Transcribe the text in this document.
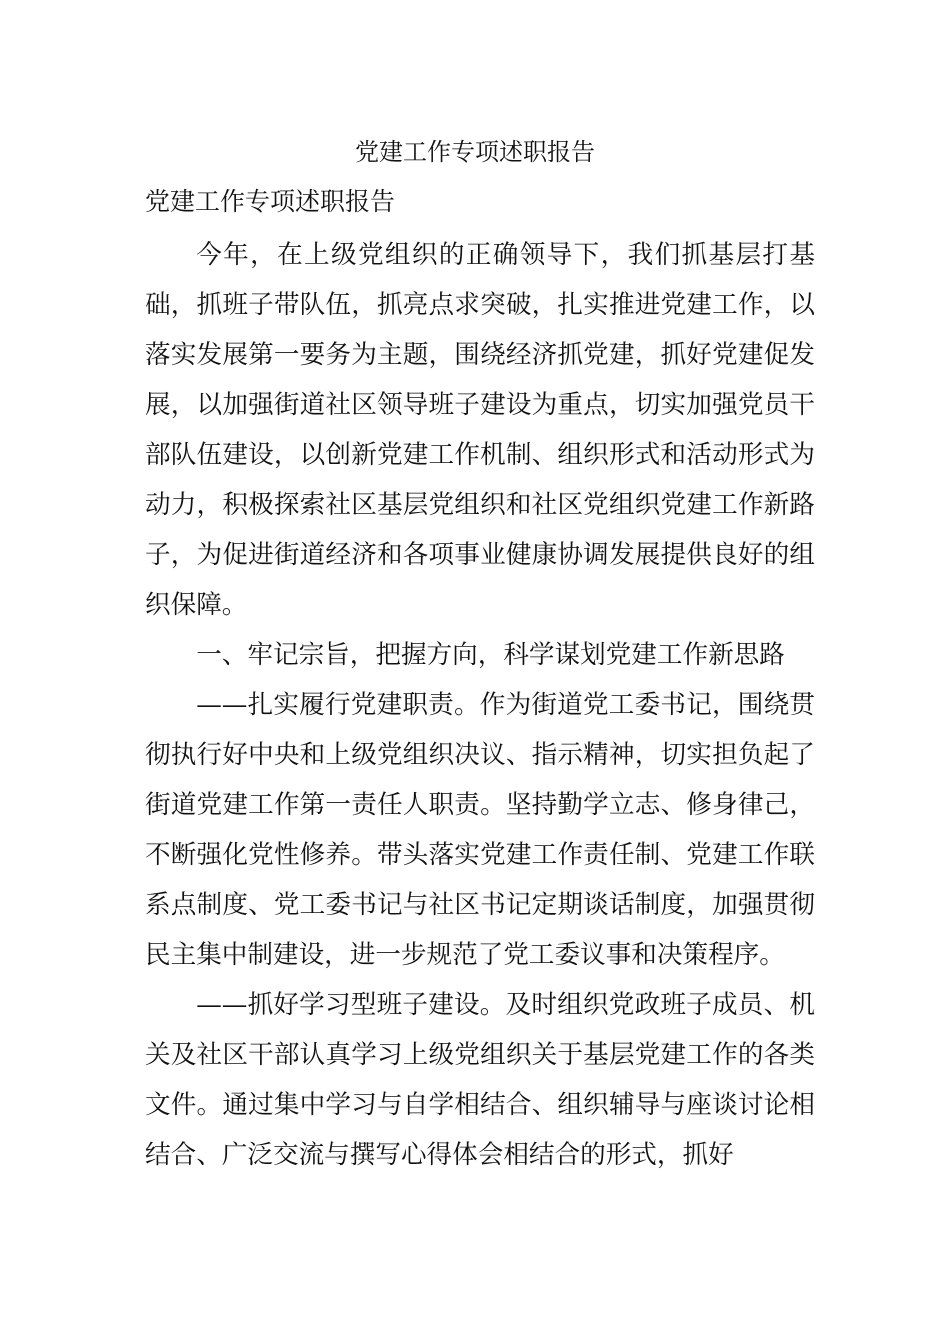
党建工作专项述职报告
党建工作专项述职报告

今年，在上级党组织的正确领导下，我们抓基层打基础，抓班子带队伍，抓亮点求突破，扎实推进党建工作，以落实发展第一要务为主题，围绕经济抓党建，抓好党建促发展，以加强街道社区领导班子建设为重点，切实加强党员干部队伍建设，以创新党建工作机制、组织形式和活动形式为动力，积极探索社区基层党组织和社区党组织党建工作新路子，为促进街道经济和各项事业健康协调发展提供良好的组织保障。

一、牢记宗旨，把握方向，科学谋划党建工作新思路

——扎实履行党建职责。作为街道党工委书记，围绕贯彻执行好中央和上级党组织决议、指示精神，切实担负起了街道党建工作第一责任人职责。坚持勤学立志、修身律己，不断强化党性修养。带头落实党建工作责任制、党建工作联系点制度、党工委书记与社区书记定期谈话制度，加强贯彻民主集中制建设，进一步规范了党工委议事和决策程序。

——抓好学习型班子建设。及时组织党政班子成员、机关及社区干部认真学习上级党组织关于基层党建工作的各类文件。通过集中学习与自学相结合、组织辅导与座谈讨论相结合、广泛交流与撰写心得体会相结合的形式，抓好
